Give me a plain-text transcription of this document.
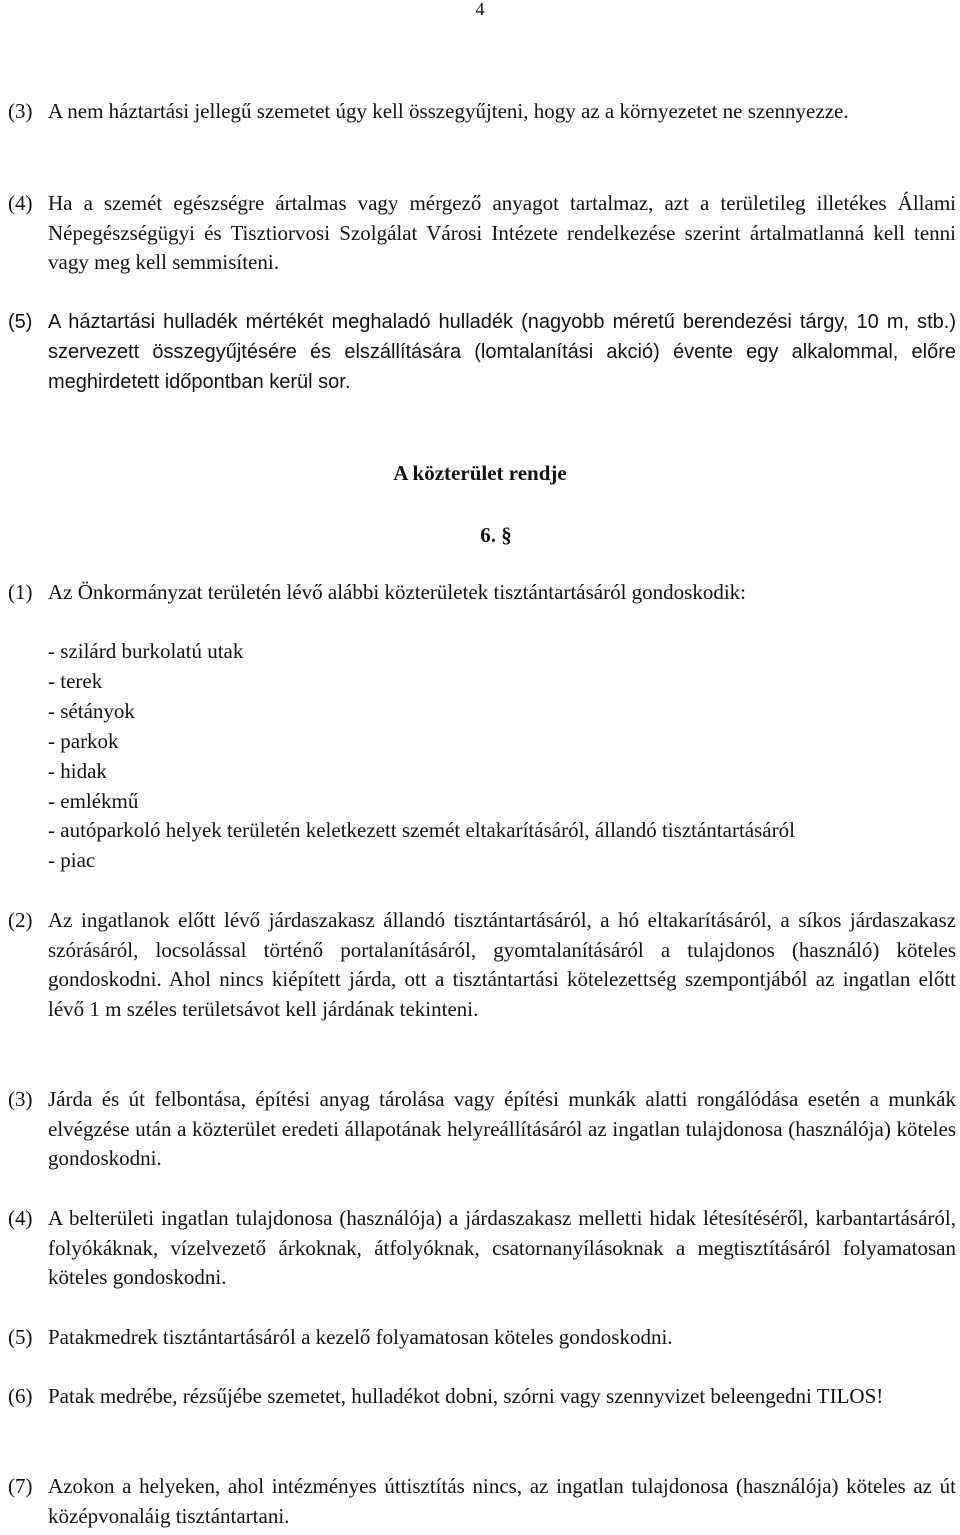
4
(3) A nem háztartási jellegű szemetet úgy kell összegyűjteni, hogy az a környezetet ne szennyezze.
(4) Ha a szemét egészségre ártalmas vagy mérgező anyagot tartalmaz, azt a területileg illetékes Állami Népegészségügyi és Tisztiorvosi Szolgálat Városi Intézete rendelkezése szerint ártalmatlanná kell tenni vagy meg kell semmisíteni.
(5) A háztartási hulladék mértékét meghaladó hulladék (nagyobb méretű berendezési tárgy, 10 m, stb.) szervezett összegyűjtésére és elszállítására (lomtalanítási akció) évente egy alkalommal, előre meghirdetett időpontban kerül sor.
A közterület rendje
6. §
(1) Az Önkormányzat területén lévő alábbi közterületek tisztántartásáról gondoskodik:
- szilárd burkolatú utak
- terek
- sétányok
- parkok
- hidak
- emlékmű
- autóparkoló helyek területén keletkezett szemét eltakarításáról, állandó tisztántartásáról
- piac
(2) Az ingatlanok előtt lévő járdaszakasz állandó tisztántartásáról, a hó eltakarításáról, a síkos járdaszakasz szórásáról, locsolással történő portalanításáról, gyomtalanításáról a tulajdonos (használó) köteles gondoskodni. Ahol nincs kiépített járda, ott a tisztántartási kötelezettség szempontjából az ingatlan előtt lévő 1 m széles területsávot kell járdának tekinteni.
(3) Járda és út felbontása, építési anyag tárolása vagy építési munkák alatti rongálódása esetén a munkák elvégzése után a közterület eredeti állapotának helyreállításáról az ingatlan tulajdonosa (használója) köteles gondoskodni.
(4) A belterületi ingatlan tulajdonosa (használója) a járdaszakasz melletti hidak létesítéséről, karbantartásáról, folyókáknak, vízelvezető árkoknak, átfolyóknak, csatornanyílásoknak a megtisztításáról folyamatosan köteles gondoskodni.
(5) Patakmedrek tisztántartásáról a kezelő folyamatosan köteles gondoskodni.
(6) Patak medrébe, rézsűjébe szemetet, hulladékot dobni, szórni vagy szennyvizet beleengedni TILOS!
(7) Azokon a helyeken, ahol intézményes úttisztítás nincs, az ingatlan tulajdonosa (használója) köteles az út középvonaláig tisztántartani.
